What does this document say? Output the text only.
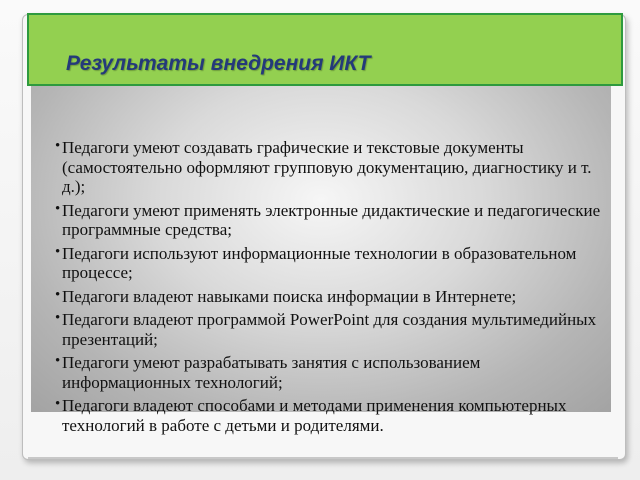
Результаты внедрения ИКТ
• Педагоги умеют создавать графические и текстовые документы (самостоятельно оформляют групповую документацию, диагностику и т. д.);
• Педагоги умеют применять электронные дидактические и педагогические программные средства;
• Педагоги используют информационные технологии в образовательном процессе;
• Педагоги владеют навыками поиска информации в Интернете;
• Педагоги владеют программой PowerPoint для создания мультимедийных презентаций;
• Педагоги умеют разрабатывать занятия с использованием информационных технологий;
• Педагоги владеют способами и методами применения компьютерных технологий в работе с детьми и родителями.
